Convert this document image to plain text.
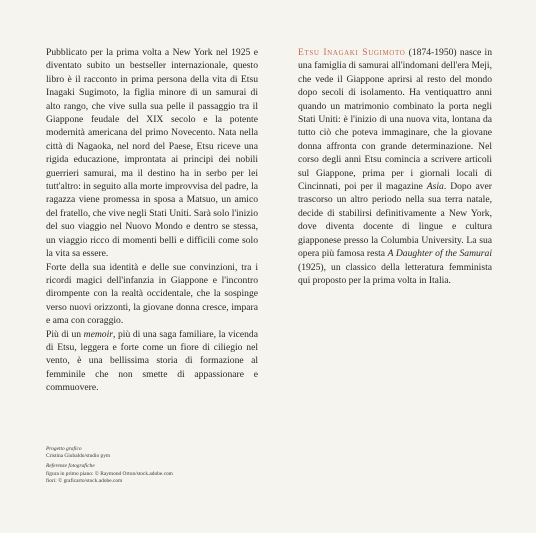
Pubblicato per la prima volta a New York nel 1925 e diventato subito un bestseller internazionale, questo libro è il racconto in prima persona della vita di Etsu Inagaki Sugimoto, la figlia minore di un samurai di alto rango, che vive sulla sua pelle il passaggio tra il Giappone feudale del XIX secolo e la potente modernità americana del primo Novecento. Nata nella città di Nagaoka, nel nord del Paese, Etsu riceve una rigida educazione, improntata ai principi dei nobili guerrieri samurai, ma il destino ha in serbo per lei tutt'altro: in seguito alla morte improvvisa del padre, la ragazza viene promessa in sposa a Matsuo, un amico del fratello, che vive negli Stati Uniti. Sarà solo l'inizio del suo viaggio nel Nuovo Mondo e dentro se stessa, un viaggio ricco di momenti belli e difficili come solo la vita sa essere.

Forte della sua identità e delle sue convinzioni, tra i ricordi magici dell'infanzia in Giappone e l'incontro dirompente con la realtà occidentale, che la sospinge verso nuovi orizzonti, la giovane donna cresce, impara e ama con coraggio.

Più di un memoir, più di una saga familiare, la vicenda di Etsu, leggera e forte come un fiore di ciliegio nel vento, è una bellissima storia di formazione al femminile che non smette di appassionare e commuovere.

Etsu Inagaki Sugimoto (1874-1950) nasce in una famiglia di samurai all'indomani dell'era Meji, che vede il Giappone aprirsi al resto del mondo dopo secoli di isolamento. Ha ventiquattro anni quando un matrimonio combinato la porta negli Stati Uniti: è l'inizio di una nuova vita, lontana da tutto ciò che poteva immaginare, che la giovane donna affronta con grande determinazione. Nel corso degli anni Etsu comincia a scrivere articoli sul Giappone, prima per i giornali locali di Cincinnati, poi per il magazine Asia. Dopo aver trascorso un altro periodo nella sua terra natale, decide di stabilirsi definitivamente a New York, dove diventa docente di lingue e cultura giapponese presso la Columbia University. La sua opera più famosa resta A Daughter of the Samurai (1925), un classico della letteratura femminista qui proposto per la prima volta in Italia.

Progetto grafico
Cristina Giubaldo/studio pym
Referenze fotografiche
figura in primo piano: © Raymond Orton/stock.adobe.com
fiori: © graficarto/stock.adobe.com
